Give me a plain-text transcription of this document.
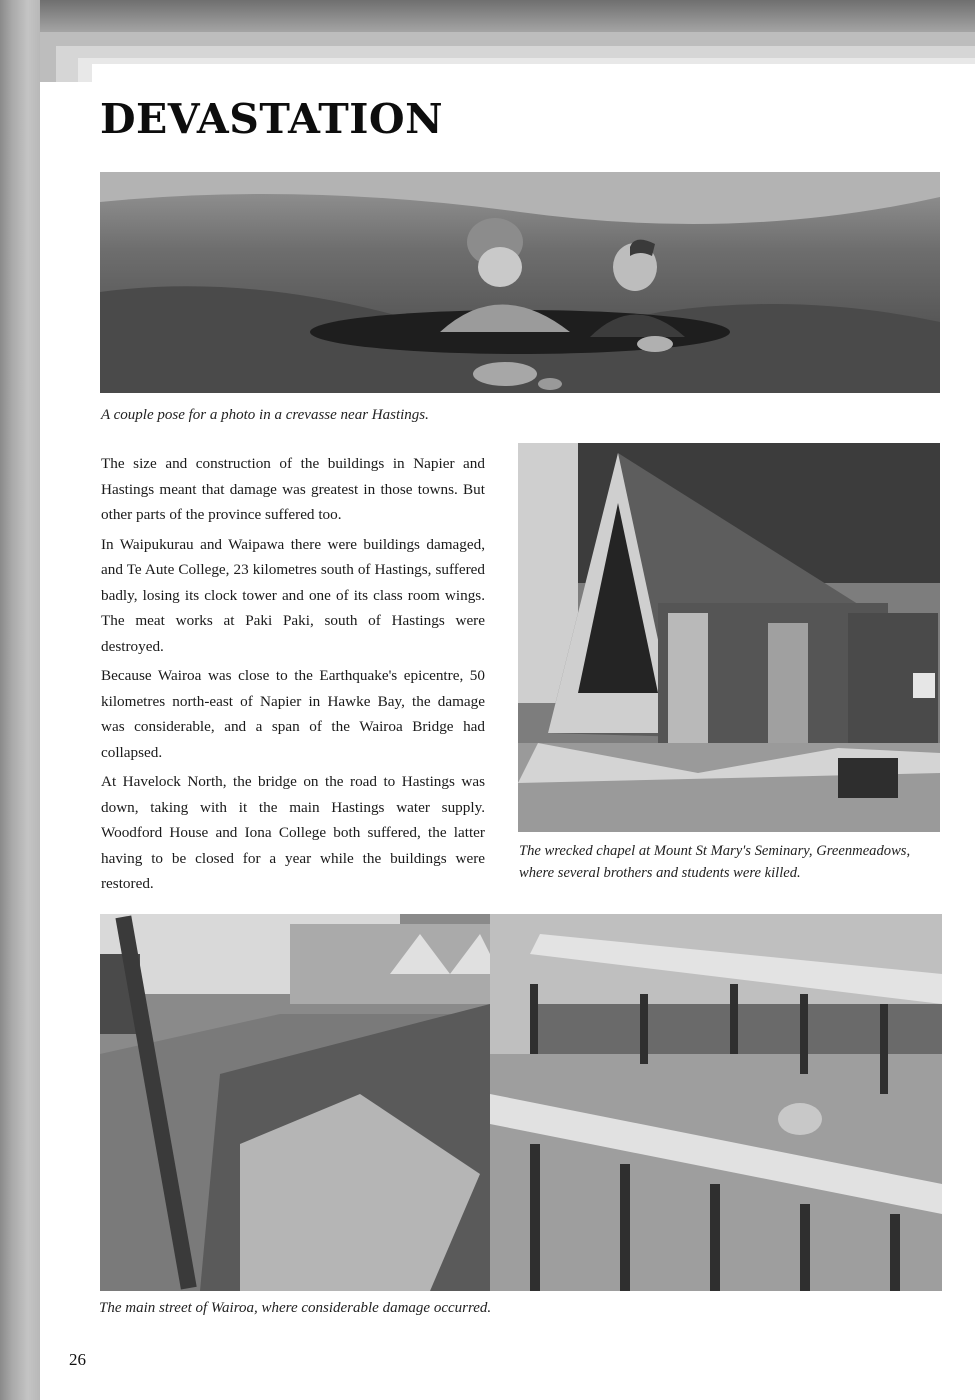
DEVASTATION
A couple pose for a photo in a crevasse near Hastings.

The size and construction of the buildings in Napier and Hastings meant that damage was greatest in those towns. But other parts of the province suffered too.

In Waipukurau and Waipawa there were buildings damaged, and Te Aute College, 23 kilometres south of Hastings, suffered badly, losing its clock tower and one of its class room wings. The meat works at Paki Paki, south of Hastings were destroyed.

Because Wairoa was close to the Earthquake's epicentre, 50 kilometres north-east of Napier in Hawke Bay, the damage was considerable, and a span of the Wairoa Bridge had collapsed.

At Havelock North, the bridge on the road to Hastings was down, taking with it the main Hastings water supply. Woodford House and Iona College both suffered, the latter having to be closed for a year while the buildings were restored.

The wrecked chapel at Mount St Mary's Seminary, Greenmeadows, where several brothers and students were killed.
The main street of Wairoa, where considerable damage occurred.
26
